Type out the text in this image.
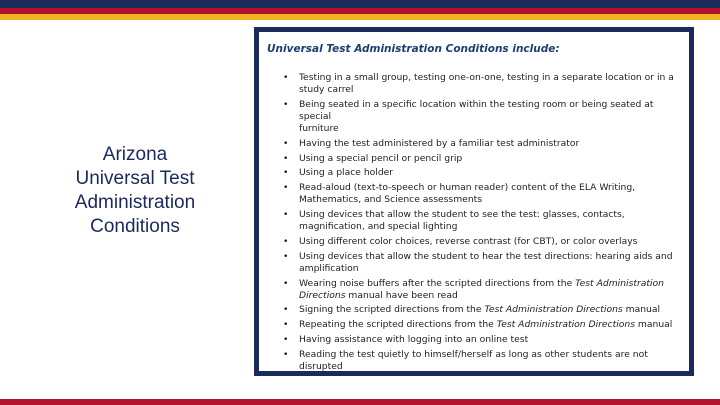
Arizona
Universal Test
Administration
Conditions
Universal Test Administration Conditions include:
• Testing in a small group, testing one-on-one, testing in a separate location or in a
study carrel
• Being seated in a specific location within the testing room or being seated at special
furniture
• Having the test administered by a familiar test administrator
• Using a special pencil or pencil grip
• Using a place holder
• Read-aloud (text-to-speech or human reader) content of the ELA Writing,
Mathematics, and Science assessments
• Using devices that allow the student to see the test: glasses, contacts,
magnification, and special lighting
• Using different color choices, reverse contrast (for CBT), or color overlays
• Using devices that allow the student to hear the test directions: hearing aids and
amplification
• Wearing noise buffers after the scripted directions from the Test Administration
Directions manual have been read
• Signing the scripted directions from the Test Administration Directions manual
• Repeating the scripted directions from the Test Administration Directions manual
• Having assistance with logging into an online test
• Reading the test quietly to himself/herself as long as other students are not
disrupted
